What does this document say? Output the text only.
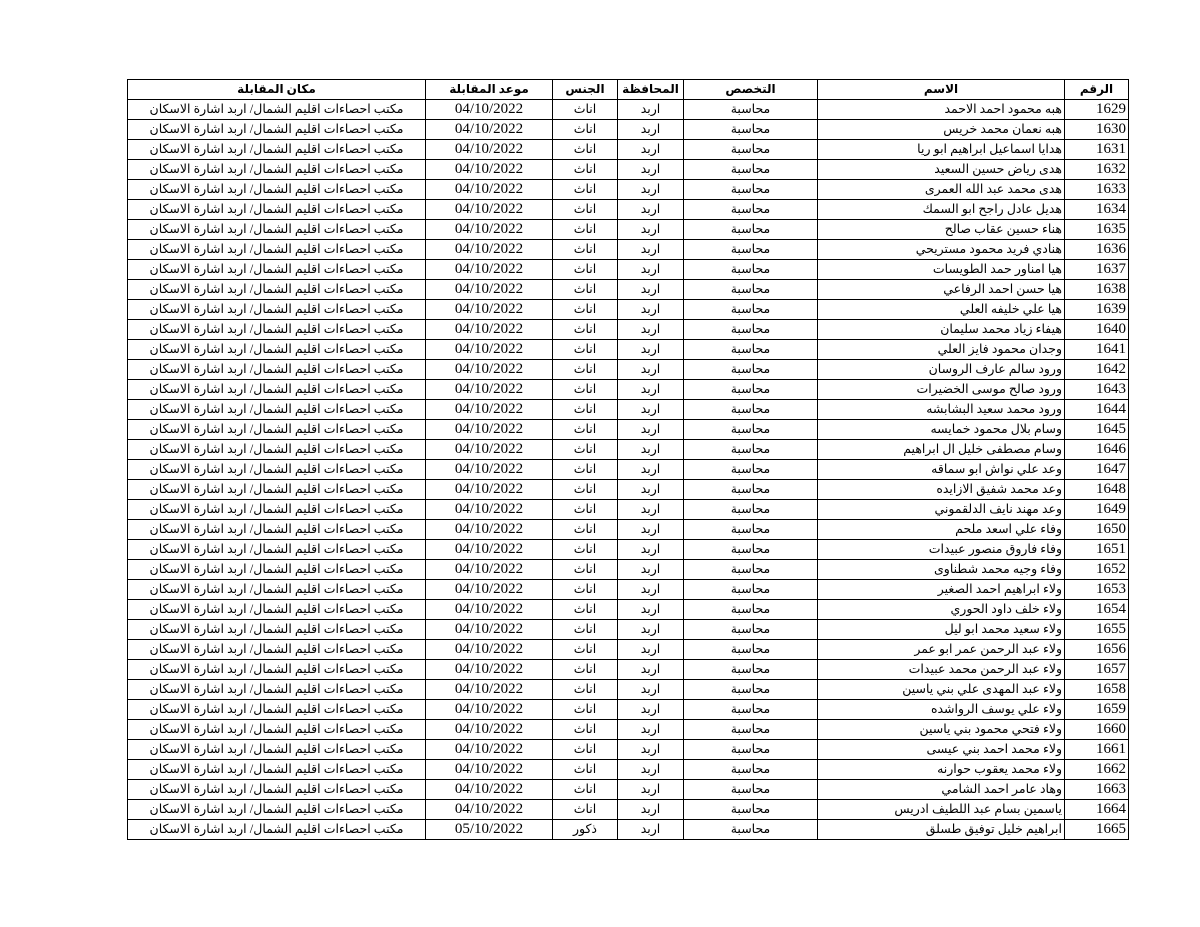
الرقم	الاسم	التخصص	المحافظة	الجنس	موعد المقابلة	مكان المقابلة
1629	هبه محمود احمد الاحمد	محاسبة	اربد	اناث	04/10/2022	مكتب احصاءات اقليم الشمال/ اربد اشارة الاسكان
1630	هبه نعمان محمد خريس	محاسبة	اربد	اناث	04/10/2022	مكتب احصاءات اقليم الشمال/ اربد اشارة الاسكان
1631	هدايا اسماعيل ابراهيم ابو ريا	محاسبة	اربد	اناث	04/10/2022	مكتب احصاءات اقليم الشمال/ اربد اشارة الاسكان
1632	هدى رياض حسين السعيد	محاسبة	اربد	اناث	04/10/2022	مكتب احصاءات اقليم الشمال/ اربد اشارة الاسكان
1633	هدى محمد عبد الله العمرى	محاسبة	اربد	اناث	04/10/2022	مكتب احصاءات اقليم الشمال/ اربد اشارة الاسكان
1634	هديل عادل راجح ابو السمك	محاسبة	اربد	اناث	04/10/2022	مكتب احصاءات اقليم الشمال/ اربد اشارة الاسكان
1635	هناء حسين عقاب صالح	محاسبة	اربد	اناث	04/10/2022	مكتب احصاءات اقليم الشمال/ اربد اشارة الاسكان
1636	هنادي فريد محمود مستريحي	محاسبة	اربد	اناث	04/10/2022	مكتب احصاءات اقليم الشمال/ اربد اشارة الاسكان
1637	هيا امناور حمد الطويسات	محاسبة	اربد	اناث	04/10/2022	مكتب احصاءات اقليم الشمال/ اربد اشارة الاسكان
1638	هيا حسن احمد الرفاعي	محاسبة	اربد	اناث	04/10/2022	مكتب احصاءات اقليم الشمال/ اربد اشارة الاسكان
1639	هيا علي خليفه العلي	محاسبة	اربد	اناث	04/10/2022	مكتب احصاءات اقليم الشمال/ اربد اشارة الاسكان
1640	هيفاء زياد محمد سليمان	محاسبة	اربد	اناث	04/10/2022	مكتب احصاءات اقليم الشمال/ اربد اشارة الاسكان
1641	وجدان محمود فايز العلي	محاسبة	اربد	اناث	04/10/2022	مكتب احصاءات اقليم الشمال/ اربد اشارة الاسكان
1642	ورود سالم عارف الروسان	محاسبة	اربد	اناث	04/10/2022	مكتب احصاءات اقليم الشمال/ اربد اشارة الاسكان
1643	ورود صالح موسى الخضيرات	محاسبة	اربد	اناث	04/10/2022	مكتب احصاءات اقليم الشمال/ اربد اشارة الاسكان
1644	ورود محمد سعيد البشابشه	محاسبة	اربد	اناث	04/10/2022	مكتب احصاءات اقليم الشمال/ اربد اشارة الاسكان
1645	وسام بلال محمود خمايسه	محاسبة	اربد	اناث	04/10/2022	مكتب احصاءات اقليم الشمال/ اربد اشارة الاسكان
1646	وسام مصطفى خليل ال ابراهيم	محاسبة	اربد	اناث	04/10/2022	مكتب احصاءات اقليم الشمال/ اربد اشارة الاسكان
1647	وعد علي نواش ابو سماقه	محاسبة	اربد	اناث	04/10/2022	مكتب احصاءات اقليم الشمال/ اربد اشارة الاسكان
1648	وعد محمد شفيق الازايده	محاسبة	اربد	اناث	04/10/2022	مكتب احصاءات اقليم الشمال/ اربد اشارة الاسكان
1649	وعد مهند نايف الدلقموني	محاسبة	اربد	اناث	04/10/2022	مكتب احصاءات اقليم الشمال/ اربد اشارة الاسكان
1650	وفاء علي اسعد ملحم	محاسبة	اربد	اناث	04/10/2022	مكتب احصاءات اقليم الشمال/ اربد اشارة الاسكان
1651	وفاء فاروق منصور عبيدات	محاسبة	اربد	اناث	04/10/2022	مكتب احصاءات اقليم الشمال/ اربد اشارة الاسكان
1652	وفاء وجيه محمد شطناوى	محاسبة	اربد	اناث	04/10/2022	مكتب احصاءات اقليم الشمال/ اربد اشارة الاسكان
1653	ولاء ابراهيم احمد الصغير	محاسبة	اربد	اناث	04/10/2022	مكتب احصاءات اقليم الشمال/ اربد اشارة الاسكان
1654	ولاء خلف داود الحوري	محاسبة	اربد	اناث	04/10/2022	مكتب احصاءات اقليم الشمال/ اربد اشارة الاسكان
1655	ولاء سعيد محمد ابو ليل	محاسبة	اربد	اناث	04/10/2022	مكتب احصاءات اقليم الشمال/ اربد اشارة الاسكان
1656	ولاء عبد الرحمن عمر ابو عمر	محاسبة	اربد	اناث	04/10/2022	مكتب احصاءات اقليم الشمال/ اربد اشارة الاسكان
1657	ولاء عبد الرحمن محمد عبيدات	محاسبة	اربد	اناث	04/10/2022	مكتب احصاءات اقليم الشمال/ اربد اشارة الاسكان
1658	ولاء عبد المهدى علي بني ياسين	محاسبة	اربد	اناث	04/10/2022	مكتب احصاءات اقليم الشمال/ اربد اشارة الاسكان
1659	ولاء علي يوسف الرواشده	محاسبة	اربد	اناث	04/10/2022	مكتب احصاءات اقليم الشمال/ اربد اشارة الاسكان
1660	ولاء فتحي محمود بني ياسين	محاسبة	اربد	اناث	04/10/2022	مكتب احصاءات اقليم الشمال/ اربد اشارة الاسكان
1661	ولاء محمد احمد بني عيسى	محاسبة	اربد	اناث	04/10/2022	مكتب احصاءات اقليم الشمال/ اربد اشارة الاسكان
1662	ولاء محمد يعقوب حوارنه	محاسبة	اربد	اناث	04/10/2022	مكتب احصاءات اقليم الشمال/ اربد اشارة الاسكان
1663	وهاد عامر احمد الشامي	محاسبة	اربد	اناث	04/10/2022	مكتب احصاءات اقليم الشمال/ اربد اشارة الاسكان
1664	ياسمين بسام عبد اللطيف ادريس	محاسبة	اربد	اناث	04/10/2022	مكتب احصاءات اقليم الشمال/ اربد اشارة الاسكان
1665	ابراهيم خليل توفيق طسلق	محاسبة	اربد	ذكور	05/10/2022	مكتب احصاءات اقليم الشمال/ اربد اشارة الاسكان
